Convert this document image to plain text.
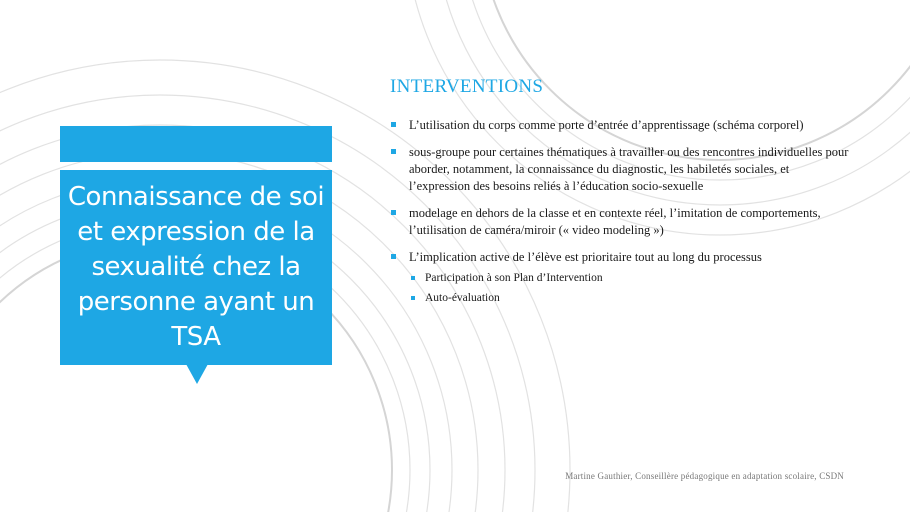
Connaissance de soi et expression de la sexualité chez la personne ayant un TSA
INTERVENTIONS
L’utilisation du corps comme porte d’entrée d’apprentissage (schéma corporel)
sous-groupe pour certaines thématiques à travailler ou des rencontres individuelles pour aborder, notamment, la connaissance du diagnostic, les habiletés sociales, et l’expression des besoins reliés à l’éducation socio-sexuelle
modelage en dehors de la classe et en contexte réel, l’imitation de comportements, l’utilisation de caméra/miroir (« video modeling »)
L’implication active de l’élève est prioritaire tout au long du processus
Participation à son Plan d’Intervention
Auto-évaluation
Martine Gauthier, Conseillère pédagogique en adaptation scolaire, CSDN
